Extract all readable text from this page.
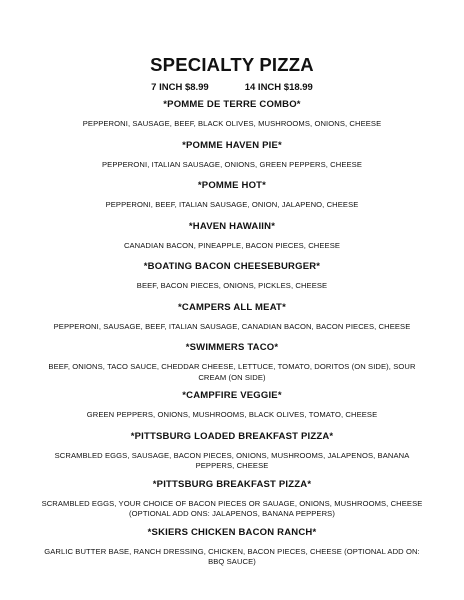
SPECIALTY PIZZA
7 INCH $8.99	14 INCH $18.99
*POMME DE TERRE COMBO*
PEPPERONI, SAUSAGE, BEEF, BLACK OLIVES, MUSHROOMS, ONIONS, CHEESE
*POMME HAVEN PIE*
PEPPERONI, ITALIAN SAUSAGE, ONIONS, GREEN PEPPERS, CHEESE
*POMME HOT*
PEPPERONI, BEEF, ITALIAN SAUSAGE, ONION, JALAPENO, CHEESE
*HAVEN HAWAIIN*
CANADIAN BACON, PINEAPPLE, BACON PIECES, CHEESE
*BOATING BACON CHEESEBURGER*
BEEF, BACON PIECES, ONIONS, PICKLES, CHEESE
*CAMPERS ALL MEAT*
PEPPERONI, SAUSAGE, BEEF, ITALIAN SAUSAGE, CANADIAN BACON, BACON PIECES, CHEESE
*SWIMMERS TACO*
BEEF, ONIONS, TACO SAUCE, CHEDDAR CHEESE, LETTUCE, TOMATO, DORITOS (ON SIDE), SOUR CREAM (ON SIDE)
*CAMPFIRE VEGGIE*
GREEN PEPPERS, ONIONS, MUSHROOMS, BLACK OLIVES, TOMATO, CHEESE
*PITTSBURG LOADED BREAKFAST PIZZA*
SCRAMBLED EGGS, SAUSAGE, BACON PIECES, ONIONS, MUSHROOMS, JALAPENOS, BANANA PEPPERS, CHEESE
*PITTSBURG BREAKFAST PIZZA*
SCRAMBLED EGGS, YOUR CHOICE OF BACON PIECES OR SAUAGE, ONIONS, MUSHROOMS, CHEESE (OPTIONAL ADD ONS: JALAPENOS, BANANA PEPPERS)
*SKIERS CHICKEN BACON RANCH*
GARLIC BUTTER BASE, RANCH DRESSING, CHICKEN, BACON PIECES, CHEESE (OPTIONAL ADD ON: BBQ SAUCE)
